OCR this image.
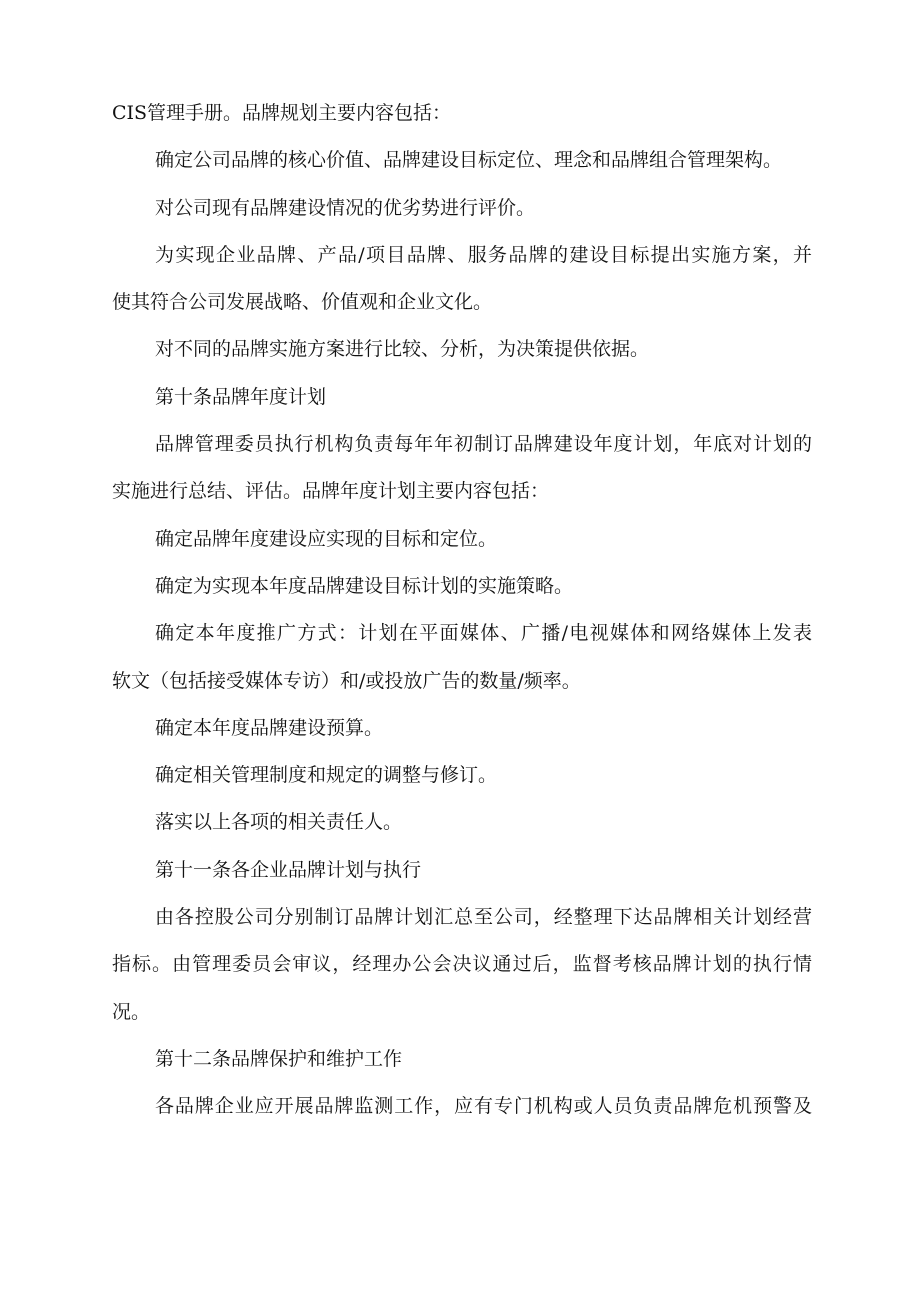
CIS管理手册。品牌规划主要内容包括：
确定公司品牌的核心价值、品牌建设目标定位、理念和品牌组合管理架构。
对公司现有品牌建设情况的优劣势进行评价。
为实现企业品牌、产品/项目品牌、服务品牌的建设目标提出实施方案，并
使其符合公司发展战略、价值观和企业文化。
对不同的品牌实施方案进行比较、分析，为决策提供依据。
第十条品牌年度计划
品牌管理委员执行机构负责每年年初制订品牌建设年度计划，年底对计划的
实施进行总结、评估。品牌年度计划主要内容包括：
确定品牌年度建设应实现的目标和定位。
确定为实现本年度品牌建设目标计划的实施策略。
确定本年度推广方式：计划在平面媒体、广播/电视媒体和网络媒体上发表
软文（包括接受媒体专访）和/或投放广告的数量/频率。
确定本年度品牌建设预算。
确定相关管理制度和规定的调整与修订。
落实以上各项的相关责任人。
第十一条各企业品牌计划与执行
由各控股公司分别制订品牌计划汇总至公司，经整理下达品牌相关计划经营
指标。由管理委员会审议，经理办公会决议通过后，监督考核品牌计划的执行情
况。
第十二条品牌保护和维护工作
各品牌企业应开展品牌监测工作，应有专门机构或人员负责品牌危机预警及
